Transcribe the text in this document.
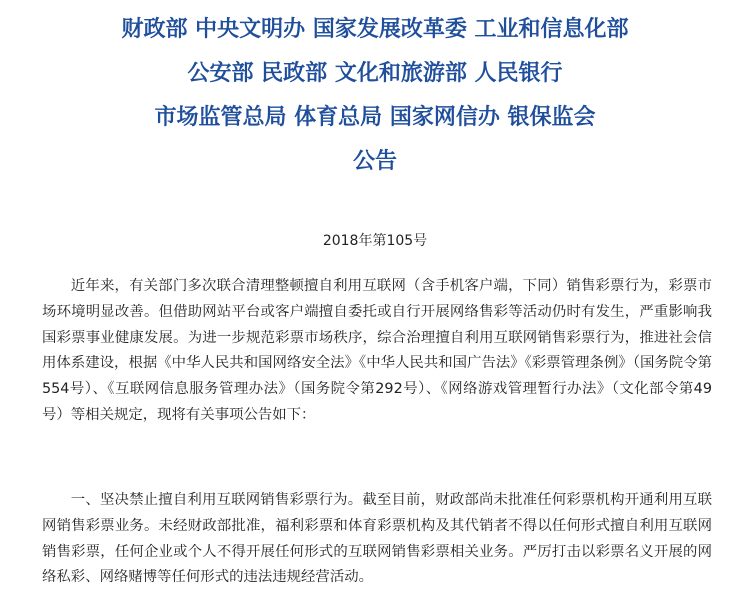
财政部 中央文明办 国家发展改革委 工业和信息化部
公安部 民政部 文化和旅游部 人民银行
市场监管总局 体育总局 国家网信办 银保监会
公告
2018年第105号

近年来，有关部门多次联合清理整顿擅自利用互联网（含手机客户端，下同）销售彩票行为，彩票市场环境明显改善。但借助网站平台或客户端擅自委托或自行开展网络售彩等活动仍时有发生，严重影响我国彩票事业健康发展。为进一步规范彩票市场秩序，综合治理擅自利用互联网销售彩票行为，推进社会信用体系建设，根据《中华人民共和国网络安全法》《中华人民共和国广告法》《彩票管理条例》（国务院令第554号）、《互联网信息服务管理办法》（国务院令第292号）、《网络游戏管理暂行办法》（文化部令第49号）等相关规定，现将有关事项公告如下：

一、坚决禁止擅自利用互联网销售彩票行为。截至目前，财政部尚未批准任何彩票机构开通利用互联网销售彩票业务。未经财政部批准，福利彩票和体育彩票机构及其代销者不得以任何形式擅自利用互联网销售彩票，任何企业或个人不得开展任何形式的互联网销售彩票相关业务。严厉打击以彩票名义开展的网络私彩、网络赌博等任何形式的违法违规经营活动。
